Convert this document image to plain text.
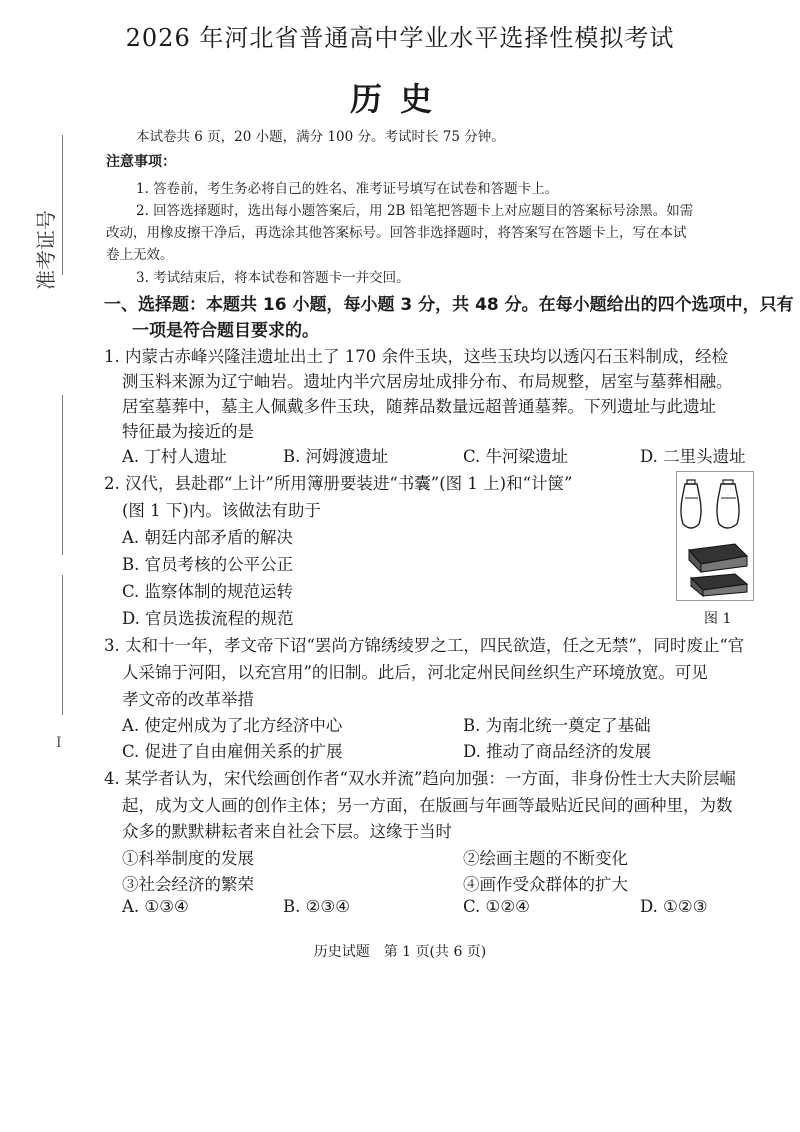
准考证号
I
2026 年河北省普通高中学业水平选择性模拟考试
历史
本试卷共 6 页，20 小题，满分 100 分。考试时长 75 分钟。
注意事项：
1. 答卷前，考生务必将自己的姓名、准考证号填写在试卷和答题卡上。
2. 回答选择题时，选出每小题答案后，用 2B 铅笔把答题卡上对应题目的答案标号涂黑。如需
改动，用橡皮擦干净后，再选涂其他答案标号。回答非选择题时，将答案写在答题卡上，写在本试
卷上无效。
3. 考试结束后，将本试卷和答题卡一并交回。
一、选择题：本题共 16 小题，每小题 3 分，共 48 分。在每小题给出的四个选项中，只有
一项是符合题目要求的。
1. 内蒙古赤峰兴隆洼遗址出土了 170 余件玉块，这些玉玦均以透闪石玉料制成，经检
测玉料来源为辽宁岫岩。遗址内半穴居房址成排分布、布局规整，居室与墓葬相融。
居室墓葬中，墓主人佩戴多件玉玦，随葬品数量远超普通墓葬。下列遗址与此遗址
特征最为接近的是
A. 丁村人遗址	B. 河姆渡遗址	C. 牛河梁遗址	D. 二里头遗址
2. 汉代，县赴郡“上计”所用簿册要装进“书囊”(图 1 上)和“计箧”
(图 1 下)内。该做法有助于
A. 朝廷内部矛盾的解决
B. 官员考核的公平公正
C. 监察体制的规范运转
D. 官员选拔流程的规范	图 1
3. 太和十一年，孝文帝下诏“罢尚方锦绣绫罗之工，四民欲造，任之无禁”，同时废止“官
人采锦于河阳，以充宫用”的旧制。此后，河北定州民间丝织生产环境放宽。可见
孝文帝的改革举措
A. 使定州成为了北方经济中心	B. 为南北统一奠定了基础
C. 促进了自由雇佣关系的扩展	D. 推动了商品经济的发展
4. 某学者认为，宋代绘画创作者“双水并流”趋向加强：一方面，非身份性士大夫阶层崛
起，成为文人画的创作主体；另一方面，在版画与年画等最贴近民间的画种里，为数
众多的默默耕耘者来自社会下层。这缘于当时
①科举制度的发展	②绘画主题的不断变化
③社会经济的繁荣	④画作受众群体的扩大
A. ①③④	B. ②③④	C. ①②④	D. ①②③
历史试题　第 1 页(共 6 页)
